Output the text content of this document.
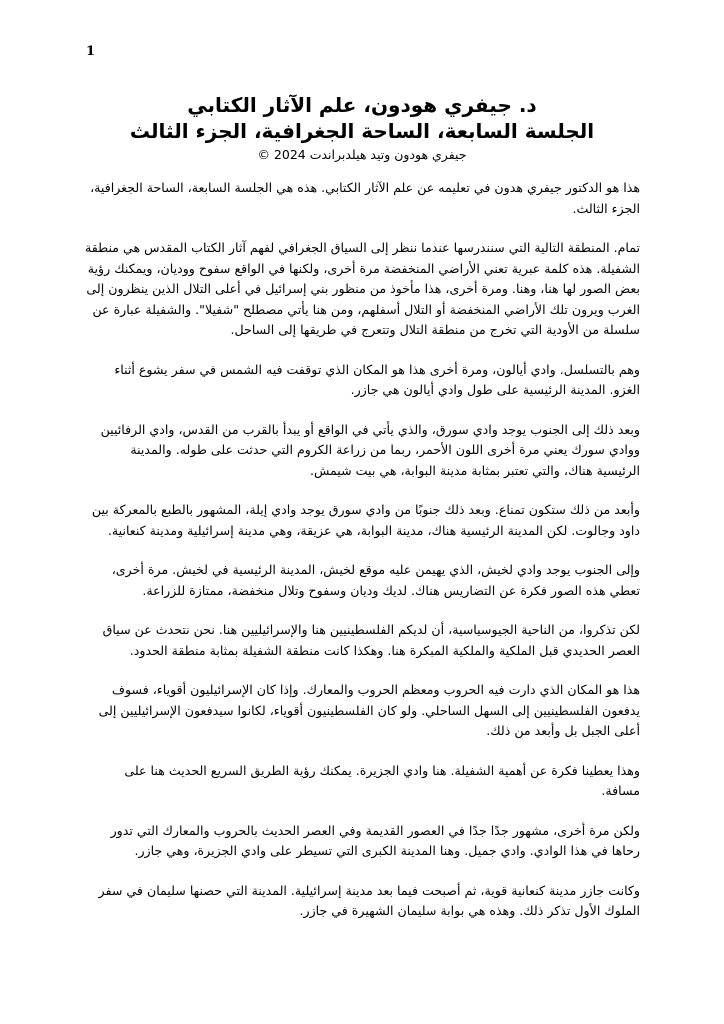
1
د. جيفري هودون، علم الآثار الكتابي
الجلسة السابعة، الساحة الجغرافية، الجزء الثالث
جيفري هودون وتيد هيلدبراندت 2024 ©

هذا هو الدكتور جيفري هدون في تعليمه عن علم الآثار الكتابي. هذه هي الجلسة السابعة، الساحة الجغرافية، الجزء الثالث.

تمام. المنطقة التالية التي سنندرسها عندما ننظر إلى السياق الجغرافي لفهم آثار الكتاب المقدس هي منطقة الشفيلة. هذه كلمة عبرية تعني الأراضي المنخفضة مرة أخرى، ولكنها في الواقع سفوح ووديان، ويمكنك رؤية بعض الصور لها هنا، وهنا. ومرة أخرى، هذا مأخوذ من منظور بني إسرائيل في أعلى التلال الذين ينظرون إلى الغرب ويرون تلك الأراضي المنخفضة أو التلال أسفلهم، ومن هنا يأتي مصطلح "شفيلا". والشفيلة عبارة عن سلسلة من الأودية التي تخرج من منطقة التلال وتتعرج في طريقها إلى الساحل.

وهم بالتسلسل. وادي أيالون، ومرة أخرى هذا هو المكان الذي توقفت فيه الشمس في سفر يشوع أثناء الغزو. المدينة الرئيسية على طول وادي أيالون هي جازر.

وبعد ذلك إلى الجنوب يوجد وادي سورق، والذي يأتي في الواقع أو يبدأ بالقرب من القدس، وادي الرفائيين ووادي سورك يعني مرة أخرى اللون الأحمر، ربما من زراعة الكروم التي حدثت على طوله. والمدينة الرئيسية هناك، والتي تعتبر بمثابة مدينة البوابة، هي بيت شيمش.

وأبعد من ذلك ستكون تمناع. وبعد ذلك جنوبًا من وادي سورق يوجد وادي إيلة، المشهور بالطبع بالمعركة بين داود وجالوت. لكن المدينة الرئيسية هناك، مدينة البوابة، هي عزيقة، وهي مدينة إسرائيلية ومدينة كنعانية.

وإلى الجنوب يوجد وادي لخيش، الذي يهيمن عليه موقع لخيش، المدينة الرئيسية في لخيش. مرة أخرى، تعطي هذه الصور فكرة عن التضاريس هناك. لديك وديان وسفوح وتلال منخفضة، ممتازة للزراعة.

لكن تذكروا، من الناحية الجيوسياسية، أن لديكم الفلسطينيين هنا والإسرائيليين هنا. نحن نتحدث عن سياق العصر الحديدي قبل الملكية والملكية المبكرة هنا. وهكذا كانت منطقة الشفيلة بمثابة منطقة الحدود.

هذا هو المكان الذي دارت فيه الحروب ومعظم الحروب والمعارك. وإذا كان الإسرائيليون أقوياء، فسوف يدفعون الفلسطينيين إلى السهل الساحلي. ولو كان الفلسطينيون أقوياء، لكانوا سيدفعون الإسرائيليين إلى أعلى الجبل بل وأبعد من ذلك.

وهذا يعطينا فكرة عن أهمية الشفيلة. هنا وادي الجزيرة. يمكنك رؤية الطريق السريع الحديث هنا على مسافة.

ولكن مرة أخرى، مشهور جدًا جدًا في العصور القديمة وفي العصر الحديث بالحروب والمعارك التي تدور رحاها في هذا الوادي. وادي جميل. وهنا المدينة الكبرى التي تسيطر على وادي الجزيرة، وهي جازر.

وكانت جازر مدينة كنعانية قوية، ثم أصبحت فيما بعد مدينة إسرائيلية. المدينة التي حصنها سليمان في سفر الملوك الأول تذكر ذلك. وهذه هي بوابة سليمان الشهيرة في جازر.
